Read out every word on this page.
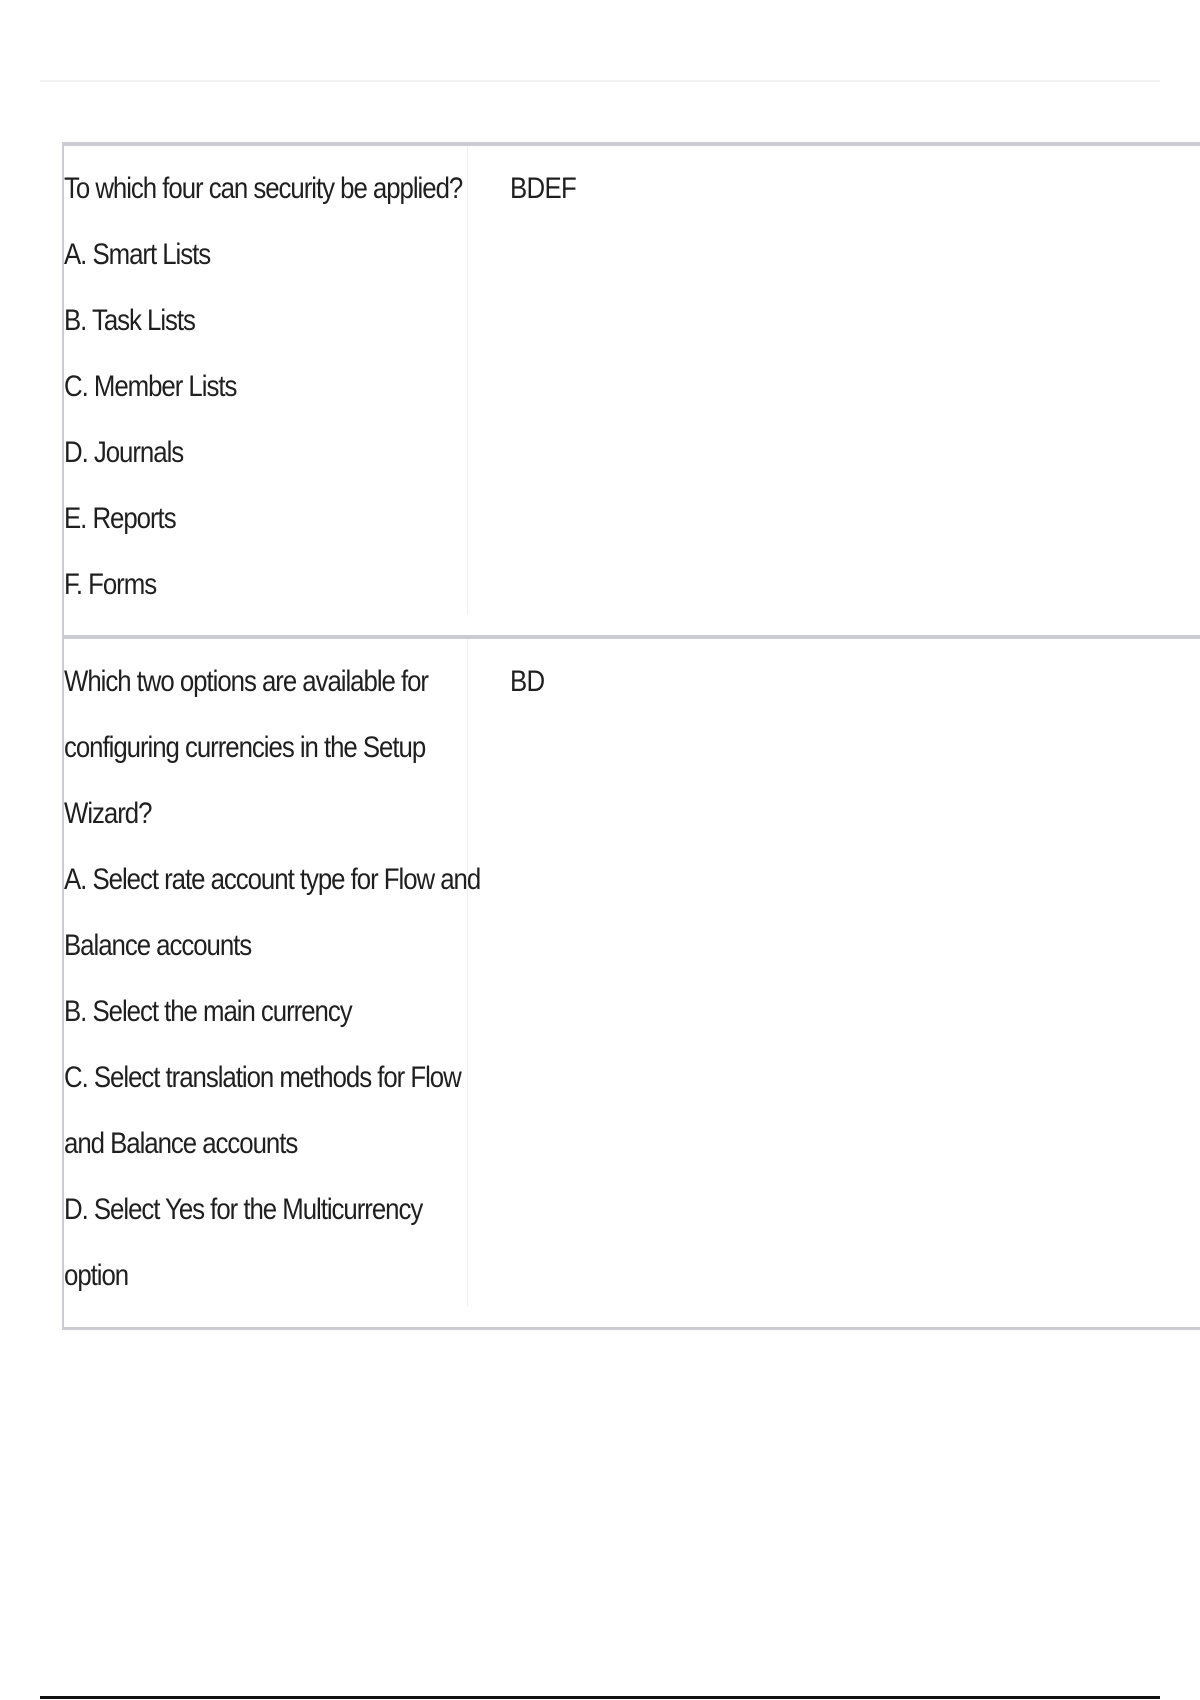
To which four can security be applied?
A. Smart Lists
B. Task Lists
C. Member Lists
D. Journals
E. Reports
F. Forms
BDEF
Which two options are available for
configuring currencies in the Setup
Wizard?
A. Select rate account type for Flow and
Balance accounts
B. Select the main currency
C. Select translation methods for Flow
and Balance accounts
D. Select Yes for the Multicurrency
option
BD
